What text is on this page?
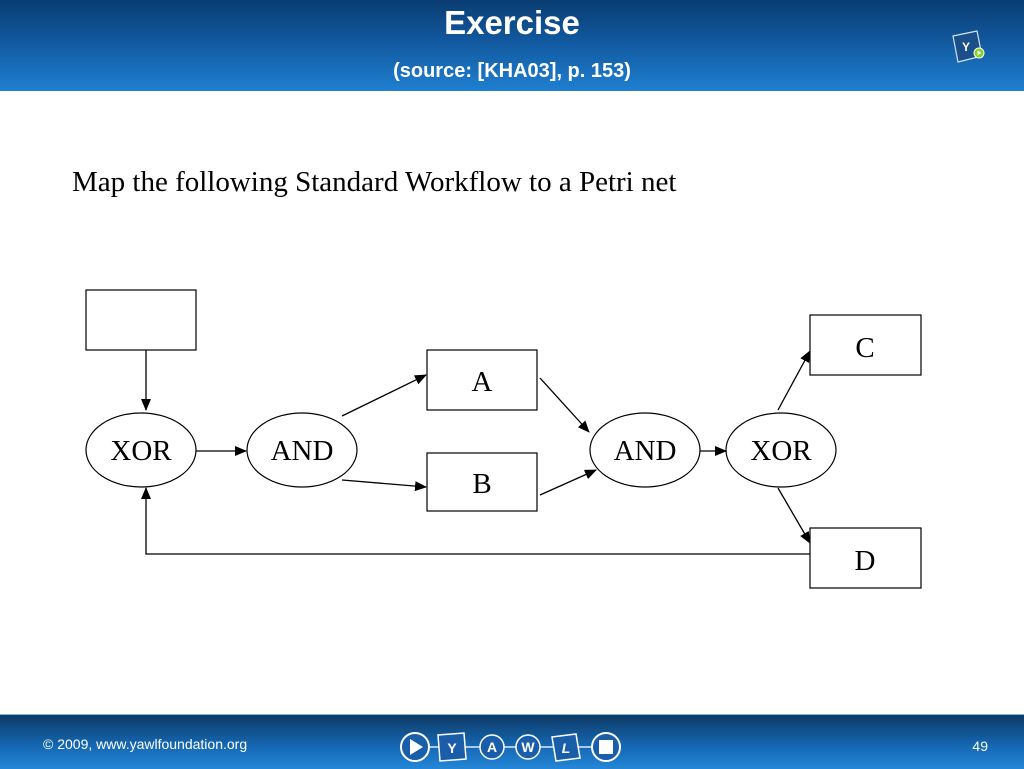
Exercise
(source: [KHA03], p. 153)
Y
Map the following Standard Workflow to a Petri net
XOR	AND
A
B
AND	XOR
C
D
© 2009, www.yawlfoundation.org	Y A W L	49
